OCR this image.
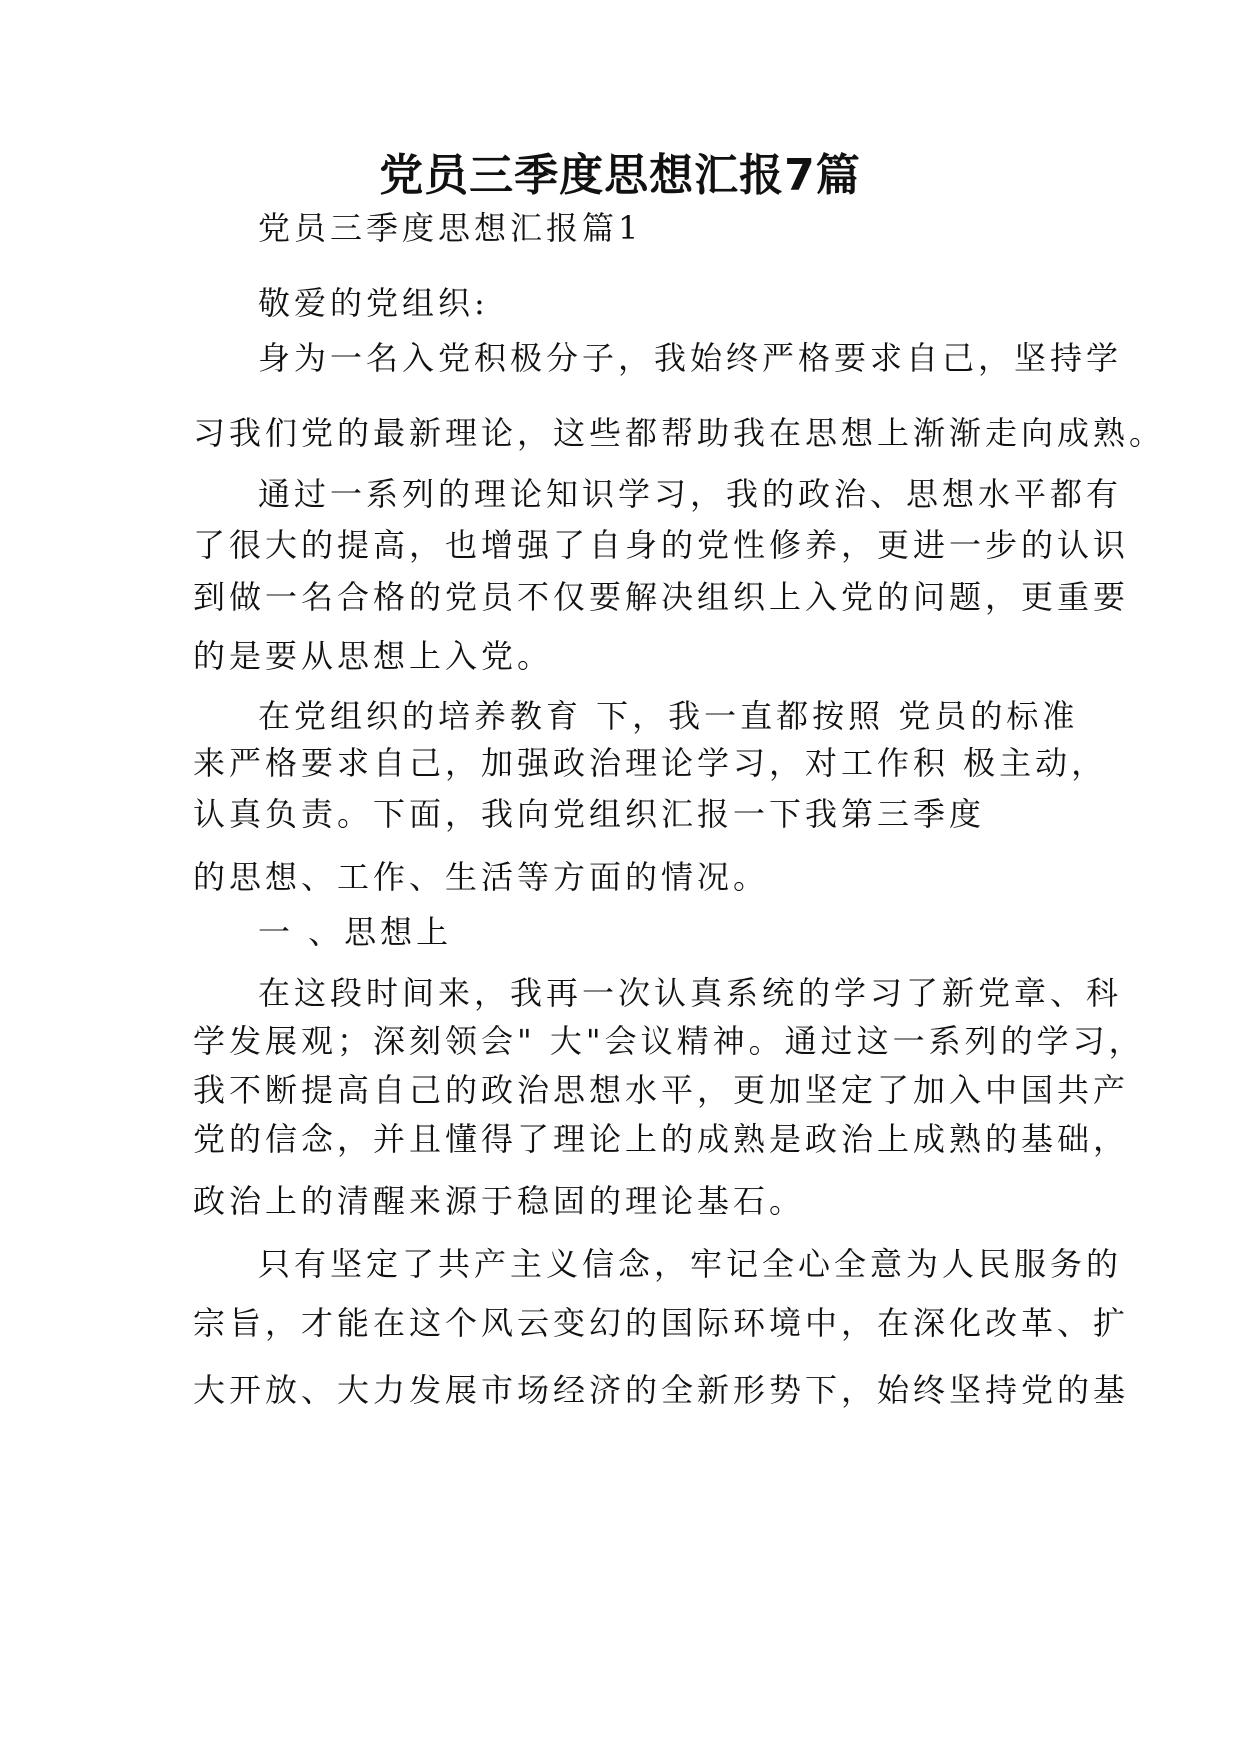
党员三季度思想汇报7篇
党员三季度思想汇报篇1
敬爱的党组织:
身为一名入党积极分子，我始终严格要求自己，坚持学
习我们党的最新理论，这些都帮助我在思想上渐渐走向成熟。
通过一系列的理论知识学习，我的政治、思想水平都有
了很大的提高，也增强了自身的党性修养，更进一步的认识
到做一名合格的党员不仅要解决组织上入党的问题，更重要
的是要从思想上入党。
在党组织的培养教育 下，我一直都按照 党员的标准
来严格要求自己，加强政治理论学习，对工作积 极主动，
认真负责。下面，我向党组织汇报一下我第三季度
的思想、工作、生活等方面的情况。
一 、思想上
在这段时间来，我再一次认真系统的学习了新党章、科
学发展观；深刻领会" 大"会议精神。通过这一系列的学习，
我不断提高自己的政治思想水平，更加坚定了加入中国共产
党的信念，并且懂得了理论上的成熟是政治上成熟的基础，
政治上的清醒来源于稳固的理论基石。
只有坚定了共产主义信念，牢记全心全意为人民服务的
宗旨，才能在这个风云变幻的国际环境中，在深化改革、扩
大开放、大力发展市场经济的全新形势下，始终坚持党的基
